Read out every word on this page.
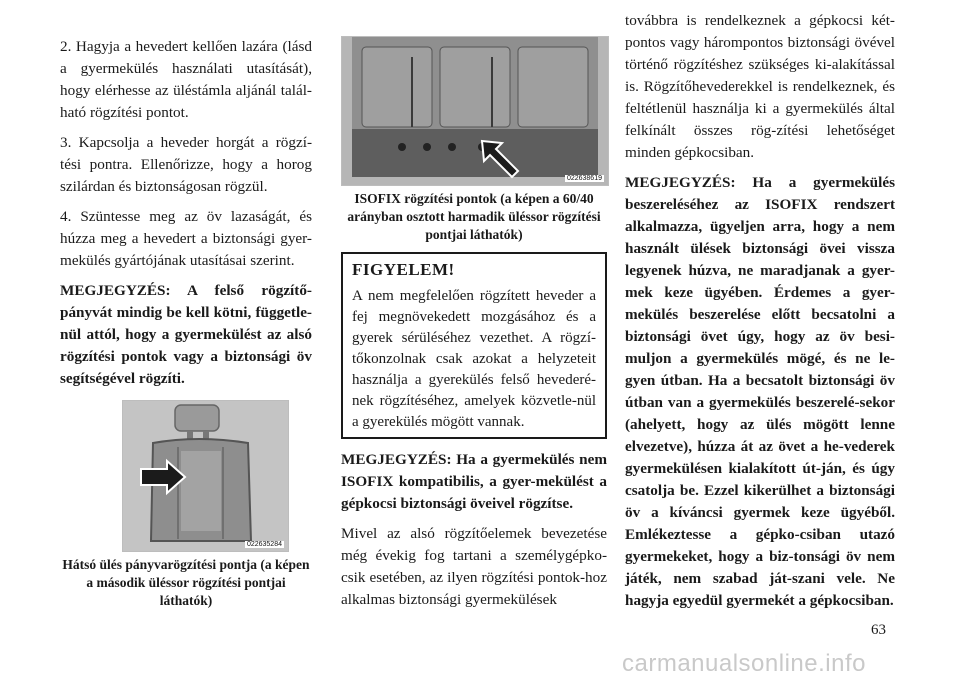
2. Hagyja a hevedert kellően lazára (lásd a gyermekülés használati utasítását), hogy elérhesse az üléstámla aljánál talál-ható rögzítési pontot.

3. Kapcsolja a heveder horgát a rögzí-tési pontra. Ellenőrizze, hogy a horog szilárdan és biztonságosan rögzül.

4. Szüntesse meg az öv lazaságát, és húzza meg a hevedert a biztonsági gyer-mekülés gyártójának utasításai szerint.

MEGJEGYZÉS: A felső rögzítő-pányvát mindig be kell kötni, függetle-nül attól, hogy a gyermekülést az alsó rögzítési pontok vagy a biztonsági öv segítségével rögzíti.

022635284
Hátsó ülés pányvarögzítési pontja (a képen a második üléssor rögzítési pontjai láthatók)
022638619
ISOFIX rögzítési pontok (a képen a 60/40 arányban osztott harmadik üléssor rögzítési pontjai láthatók)
FIGYELEM!

A nem megfelelően rögzített heveder a fej megnövekedett mozgásához és a gyerek sérüléséhez vezethet. A rögzí-tőkonzolnak csak azokat a helyzeteit használja a gyerekülés felső hevederé-nek rögzítéséhez, amelyek közvetle-nül a gyerekülés mögött vannak.

MEGJEGYZÉS: Ha a gyermekülés nem ISOFIX kompatibilis, a gyer-mekülést a gépkocsi biztonsági öveivel rögzítse.

Mivel az alsó rögzítőelemek bevezetése még évekig fog tartani a személygépko-csik esetében, az ilyen rögzítési pontok-hoz alkalmas biztonsági gyermekülések

továbbra is rendelkeznek a gépkocsi két-pontos vagy hárompontos biztonsági övével történő rögzítéshez szükséges ki-alakítással is. Rögzítőhevederekkel is rendelkeznek, és feltétlenül használja ki a gyermekülés által felkínált összes rög-zítési lehetőséget minden gépkocsiban.

MEGJEGYZÉS: Ha a gyermekülés beszereléséhez az ISOFIX rendszert alkalmazza, ügyeljen arra, hogy a nem használt ülések biztonsági övei vissza legyenek húzva, ne maradjanak a gyer-mek keze ügyében. Érdemes a gyer-mekülés beszerelése előtt becsatolni a biztonsági övet úgy, hogy az öv besi-muljon a gyermekülés mögé, és ne le-gyen útban. Ha a becsatolt biztonsági öv útban van a gyermekülés beszerelé-sekor (ahelyett, hogy az ülés mögött lenne elvezetve), húzza át az övet a he-vederek gyermekülésen kialakított út-ján, és úgy csatolja be. Ezzel kikerülhet a biztonsági öv a kíváncsi gyermek keze ügyéből. Emlékeztesse a gépko-csiban utazó gyermekeket, hogy a biz-tonsági öv nem játék, nem szabad ját-szani vele. Ne hagyja egyedül gyermekét a gépkocsiban.

63
carmanualsonline.info
